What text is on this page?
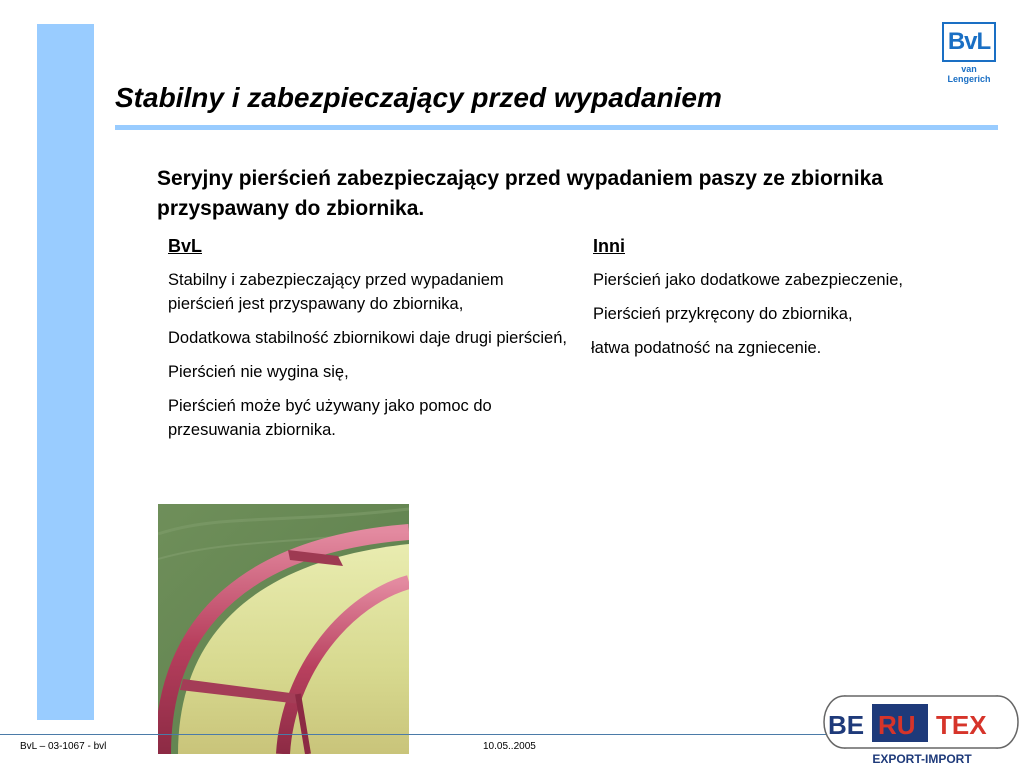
BvL
van Lengerich
Stabilny i zabezpieczający przed wypadaniem
Seryjny pierścień zabezpieczający przed wypadaniem paszy ze zbiornika przyspawany do zbiornika.
BvL

Stabilny i zabezpieczający przed wypadaniem pierścień jest przyspawany do zbiornika,

Dodatkowa stabilność zbiornikowi daje drugi pierścień,

Pierścień nie wygina się,

Pierścień może być używany jako pomoc do przesuwania zbiornika.

Inni

Pierścień jako dodatkowe zabezpieczenie,

Pierścień przykręcony do zbiornika,

łatwa podatność na zgniecenie.

BvL – 03-1067 - bvl	10.05..2005
BE RU TEX
EXPORT-IMPORT
